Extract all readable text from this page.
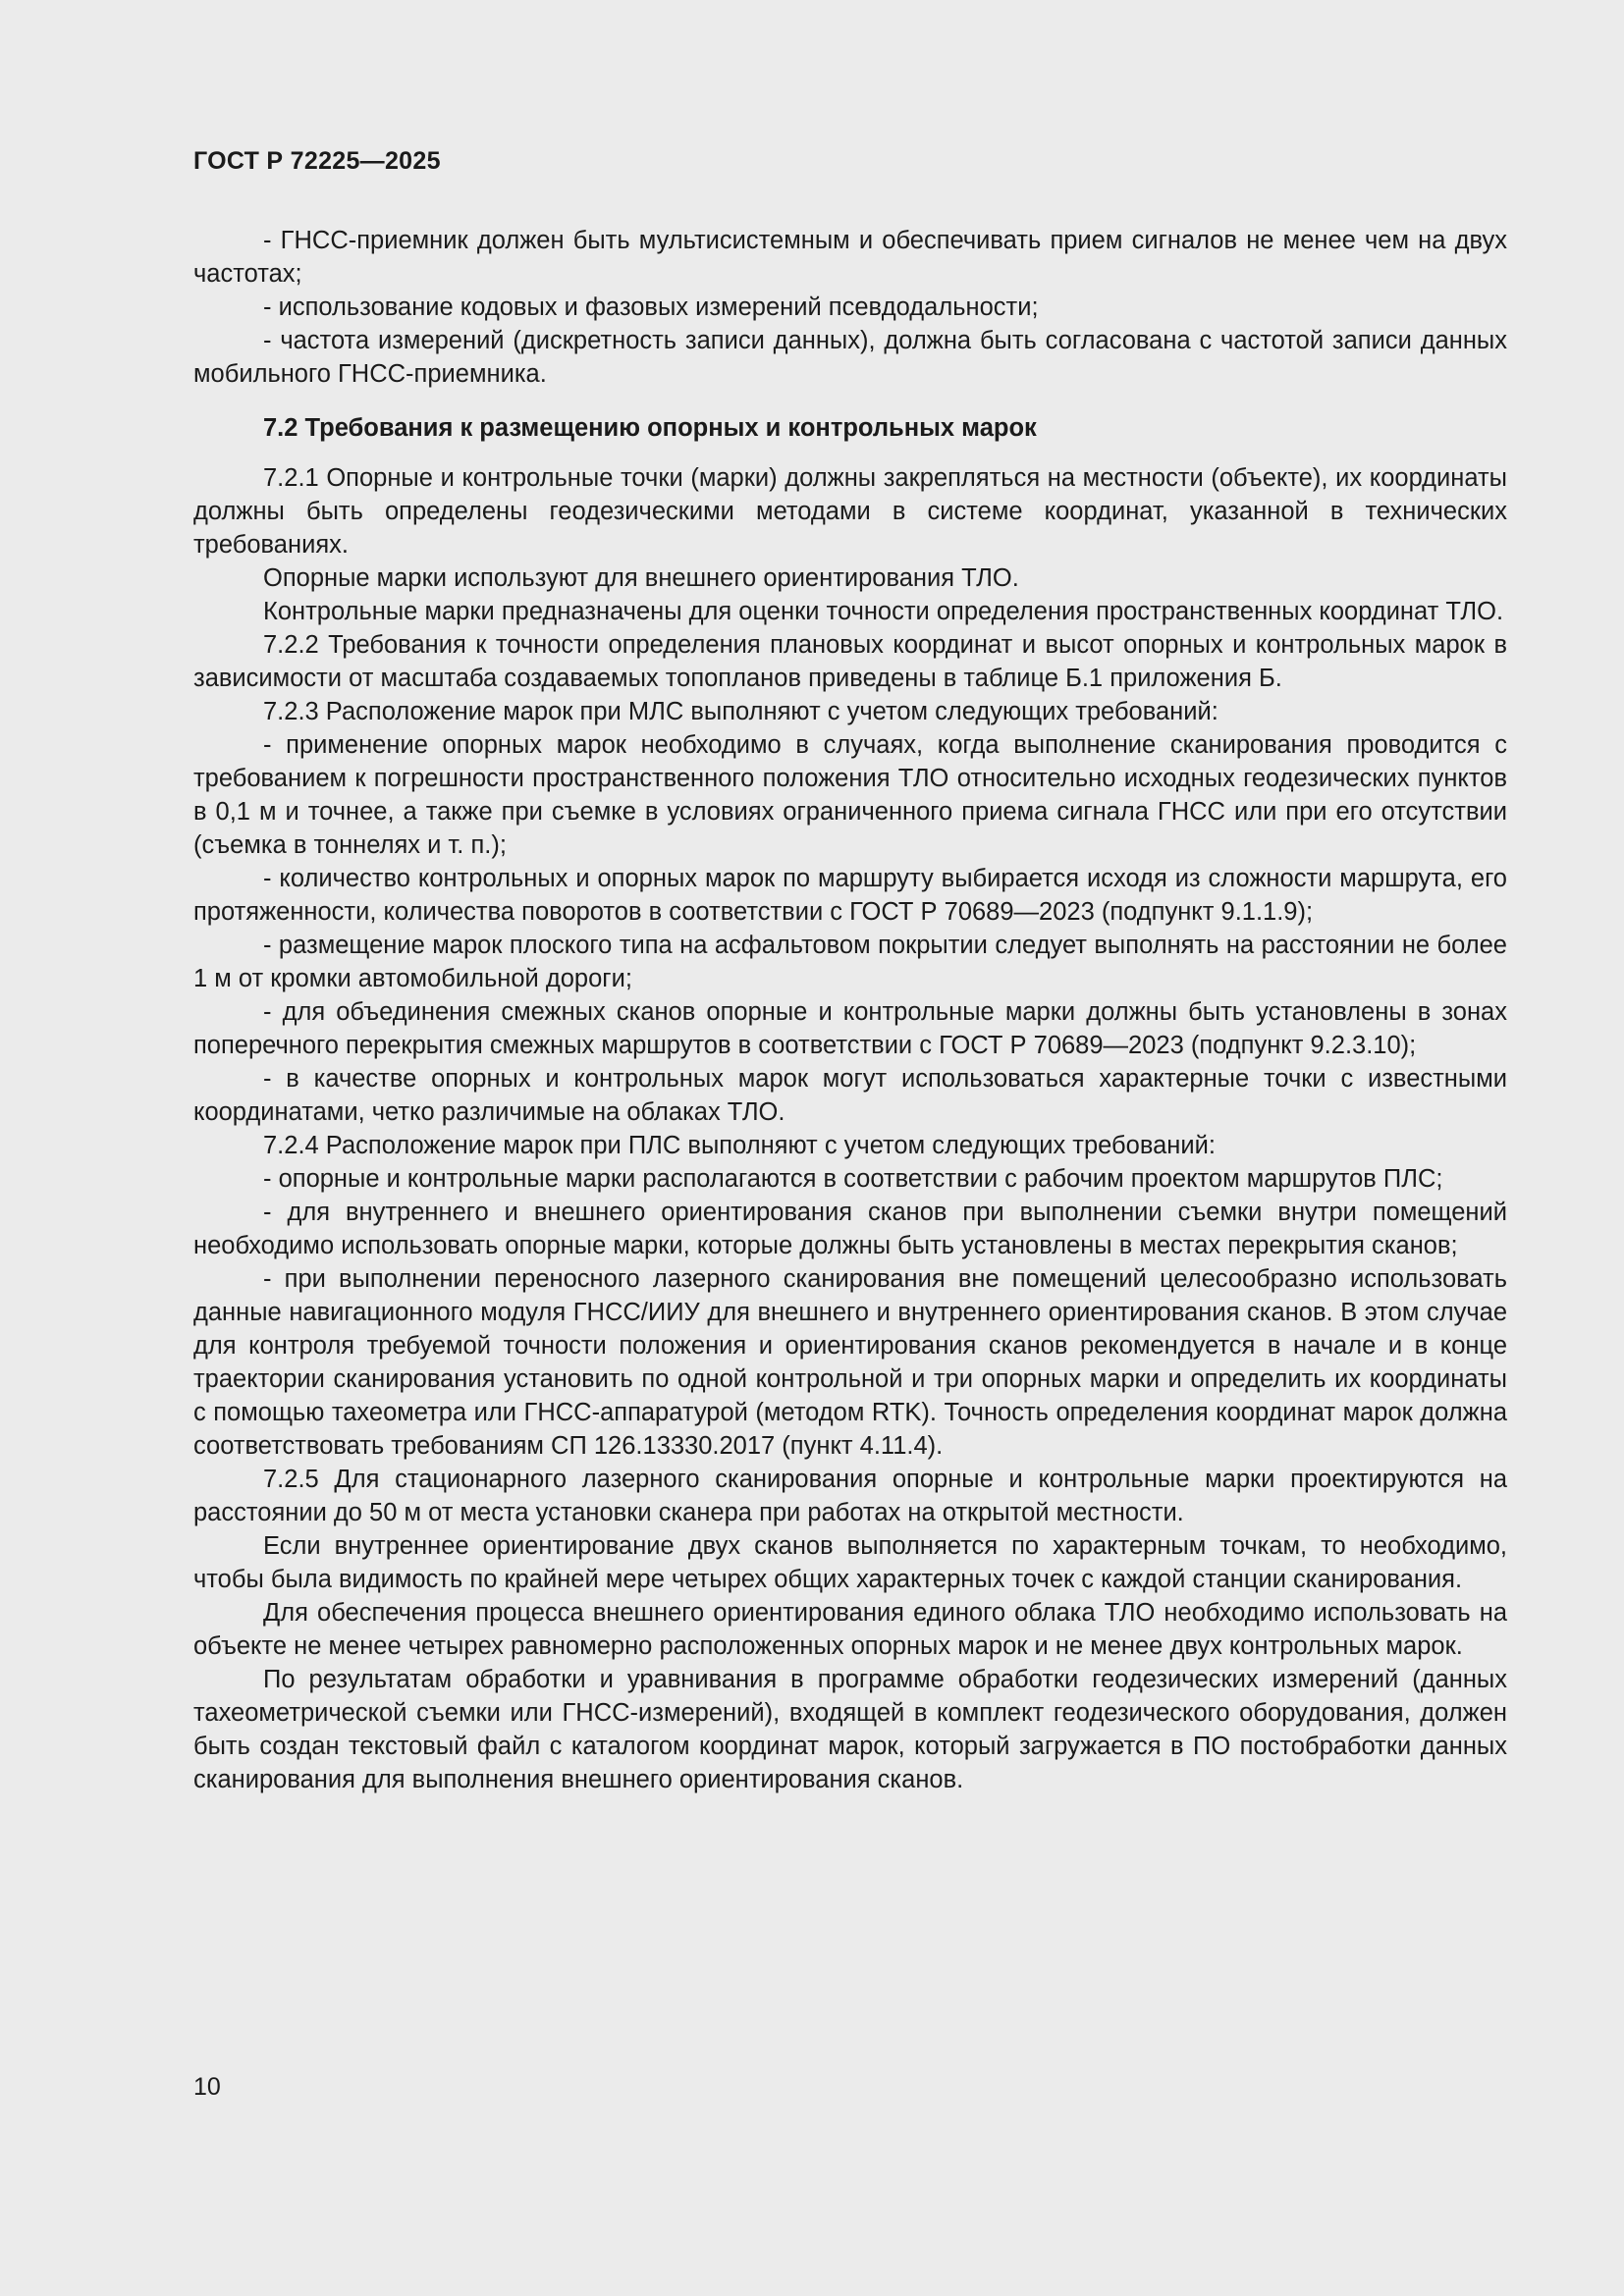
ГОСТ Р 72225—2025

- ГНСС-приемник должен быть мультисистемным и обеспечивать прием сигналов не менее чем на двух частотах;

- использование кодовых и фазовых измерений псевдодальности;

- частота измерений (дискретность записи данных), должна быть согласована с частотой записи данных мобильного ГНСС-приемника.

7.2 Требования к размещению опорных и контрольных марок

7.2.1 Опорные и контрольные точки (марки) должны закрепляться на местности (объекте), их координаты должны быть определены геодезическими методами в системе координат, указанной в технических требованиях.

Опорные марки используют для внешнего ориентирования ТЛО.

Контрольные марки предназначены для оценки точности определения пространственных координат ТЛО.

7.2.2 Требования к точности определения плановых координат и высот опорных и контрольных марок в зависимости от масштаба создаваемых топопланов приведены в таблице Б.1 приложения Б.

7.2.3 Расположение марок при МЛС выполняют с учетом следующих требований:

- применение опорных марок необходимо в случаях, когда выполнение сканирования проводится с требованием к погрешности пространственного положения ТЛО относительно исходных геодезических пунктов в 0,1 м и точнее, а также при съемке в условиях ограниченного приема сигнала ГНСС или при его отсутствии (съемка в тоннелях и т. п.);

- количество контрольных и опорных марок по маршруту выбирается исходя из сложности маршрута, его протяженности, количества поворотов в соответствии с ГОСТ Р 70689—2023 (подпункт 9.1.1.9);

- размещение марок плоского типа на асфальтовом покрытии следует выполнять на расстоянии не более 1 м от кромки автомобильной дороги;

- для объединения смежных сканов опорные и контрольные марки должны быть установлены в зонах поперечного перекрытия смежных маршрутов в соответствии с ГОСТ Р 70689—2023 (подпункт 9.2.3.10);

- в качестве опорных и контрольных марок могут использоваться характерные точки с известными координатами, четко различимые на облаках ТЛО.

7.2.4 Расположение марок при ПЛС выполняют с учетом следующих требований:

- опорные и контрольные марки располагаются в соответствии с рабочим проектом маршрутов ПЛС;

- для внутреннего и внешнего ориентирования сканов при выполнении съемки внутри помещений необходимо использовать опорные марки, которые должны быть установлены в местах перекрытия сканов;

- при выполнении переносного лазерного сканирования вне помещений целесообразно использовать данные навигационного модуля ГНСС/ИИУ для внешнего и внутреннего ориентирования сканов. В этом случае для контроля требуемой точности положения и ориентирования сканов рекомендуется в начале и в конце траектории сканирования установить по одной контрольной и три опорных марки и определить их координаты с помощью тахеометра или ГНСС-аппаратурой (методом RTK). Точность определения координат марок должна соответствовать требованиям СП 126.13330.2017 (пункт 4.11.4).

7.2.5 Для стационарного лазерного сканирования опорные и контрольные марки проектируются на расстоянии до 50 м от места установки сканера при работах на открытой местности.

Если внутреннее ориентирование двух сканов выполняется по характерным точкам, то необходимо, чтобы была видимость по крайней мере четырех общих характерных точек с каждой станции сканирования.

Для обеспечения процесса внешнего ориентирования единого облака ТЛО необходимо использовать на объекте не менее четырех равномерно расположенных опорных марок и не менее двух контрольных марок.

По результатам обработки и уравнивания в программе обработки геодезических измерений (данных тахеометрической съемки или ГНСС-измерений), входящей в комплект геодезического оборудования, должен быть создан текстовый файл с каталогом координат марок, который загружается в ПО постобработки данных сканирования для выполнения внешнего ориентирования сканов.

10
